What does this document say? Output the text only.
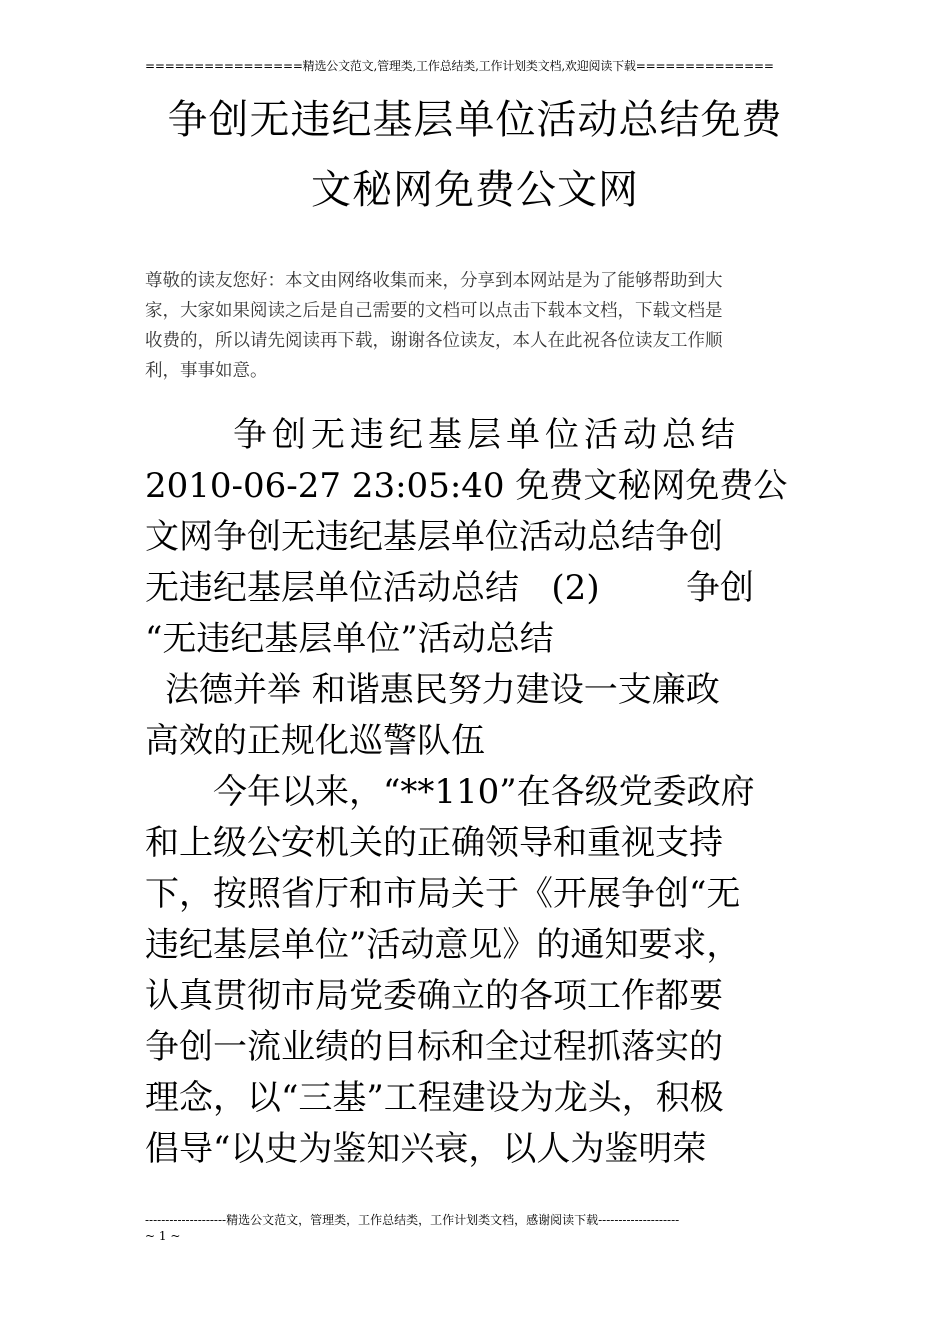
================精选公文范文,管理类,工作总结类,工作计划类文档,欢迎阅读下载==============
争创无违纪基层单位活动总结免费
文秘网免费公文网
尊敬的读友您好：本文由网络收集而来，分享到本网站是为了能够帮助到大
家，大家如果阅读之后是自己需要的文档可以点击下载本文档，下载文档是
收费的，所以请先阅读再下载，谢谢各位读友，本人在此祝各位读友工作顺
利，事事如意。
争创无违纪基层单位活动总结
2010-06-27 23:05:40 免费文秘网免费公
文网争创无违纪基层单位活动总结争创
无违纪基层单位活动总结   (2)        争创
“无违纪基层单位”活动总结
法德并举 和谐惠民努力建设一支廉政
高效的正规化巡警队伍
今年以来，“**110”在各级党委政府
和上级公安机关的正确领导和重视支持
下，按照省厅和市局关于《开展争创“无
违纪基层单位”活动意见》的通知要求，
认真贯彻市局党委确立的各项工作都要
争创一流业绩的目标和全过程抓落实的
理念，以“三基”工程建设为龙头，积极
倡导“以史为鉴知兴衰，以人为鉴明荣
--------------------精选公文范文，管理类，工作总结类，工作计划类文档，感谢阅读下载--------------------
~ 1 ~
